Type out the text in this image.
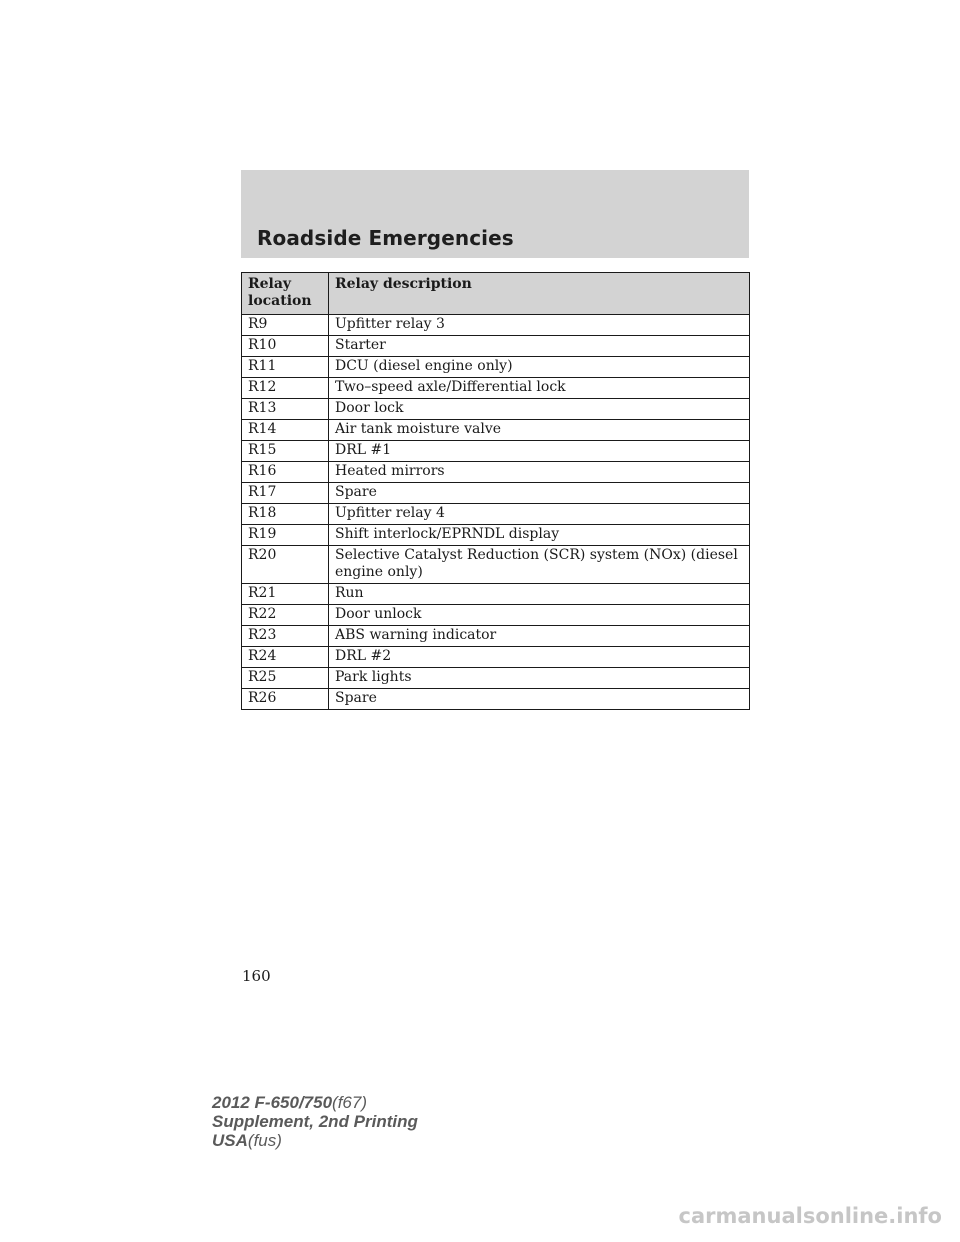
Roadside Emergencies
Relay location	Relay description
R9	Upfitter relay 3
R10	Starter
R11	DCU (diesel engine only)
R12	Two–speed axle/Differential lock
R13	Door lock
R14	Air tank moisture valve
R15	DRL #1
R16	Heated mirrors
R17	Spare
R18	Upfitter relay 4
R19	Shift interlock/EPRNDL display
R20	Selective Catalyst Reduction (SCR) system (NOx) (diesel engine only)
R21	Run
R22	Door unlock
R23	ABS warning indicator
R24	DRL #2
R25	Park lights
R26	Spare
160
2012 F-650/750(f67)
Supplement, 2nd Printing
USA(fus)
carmanualsonline.info
